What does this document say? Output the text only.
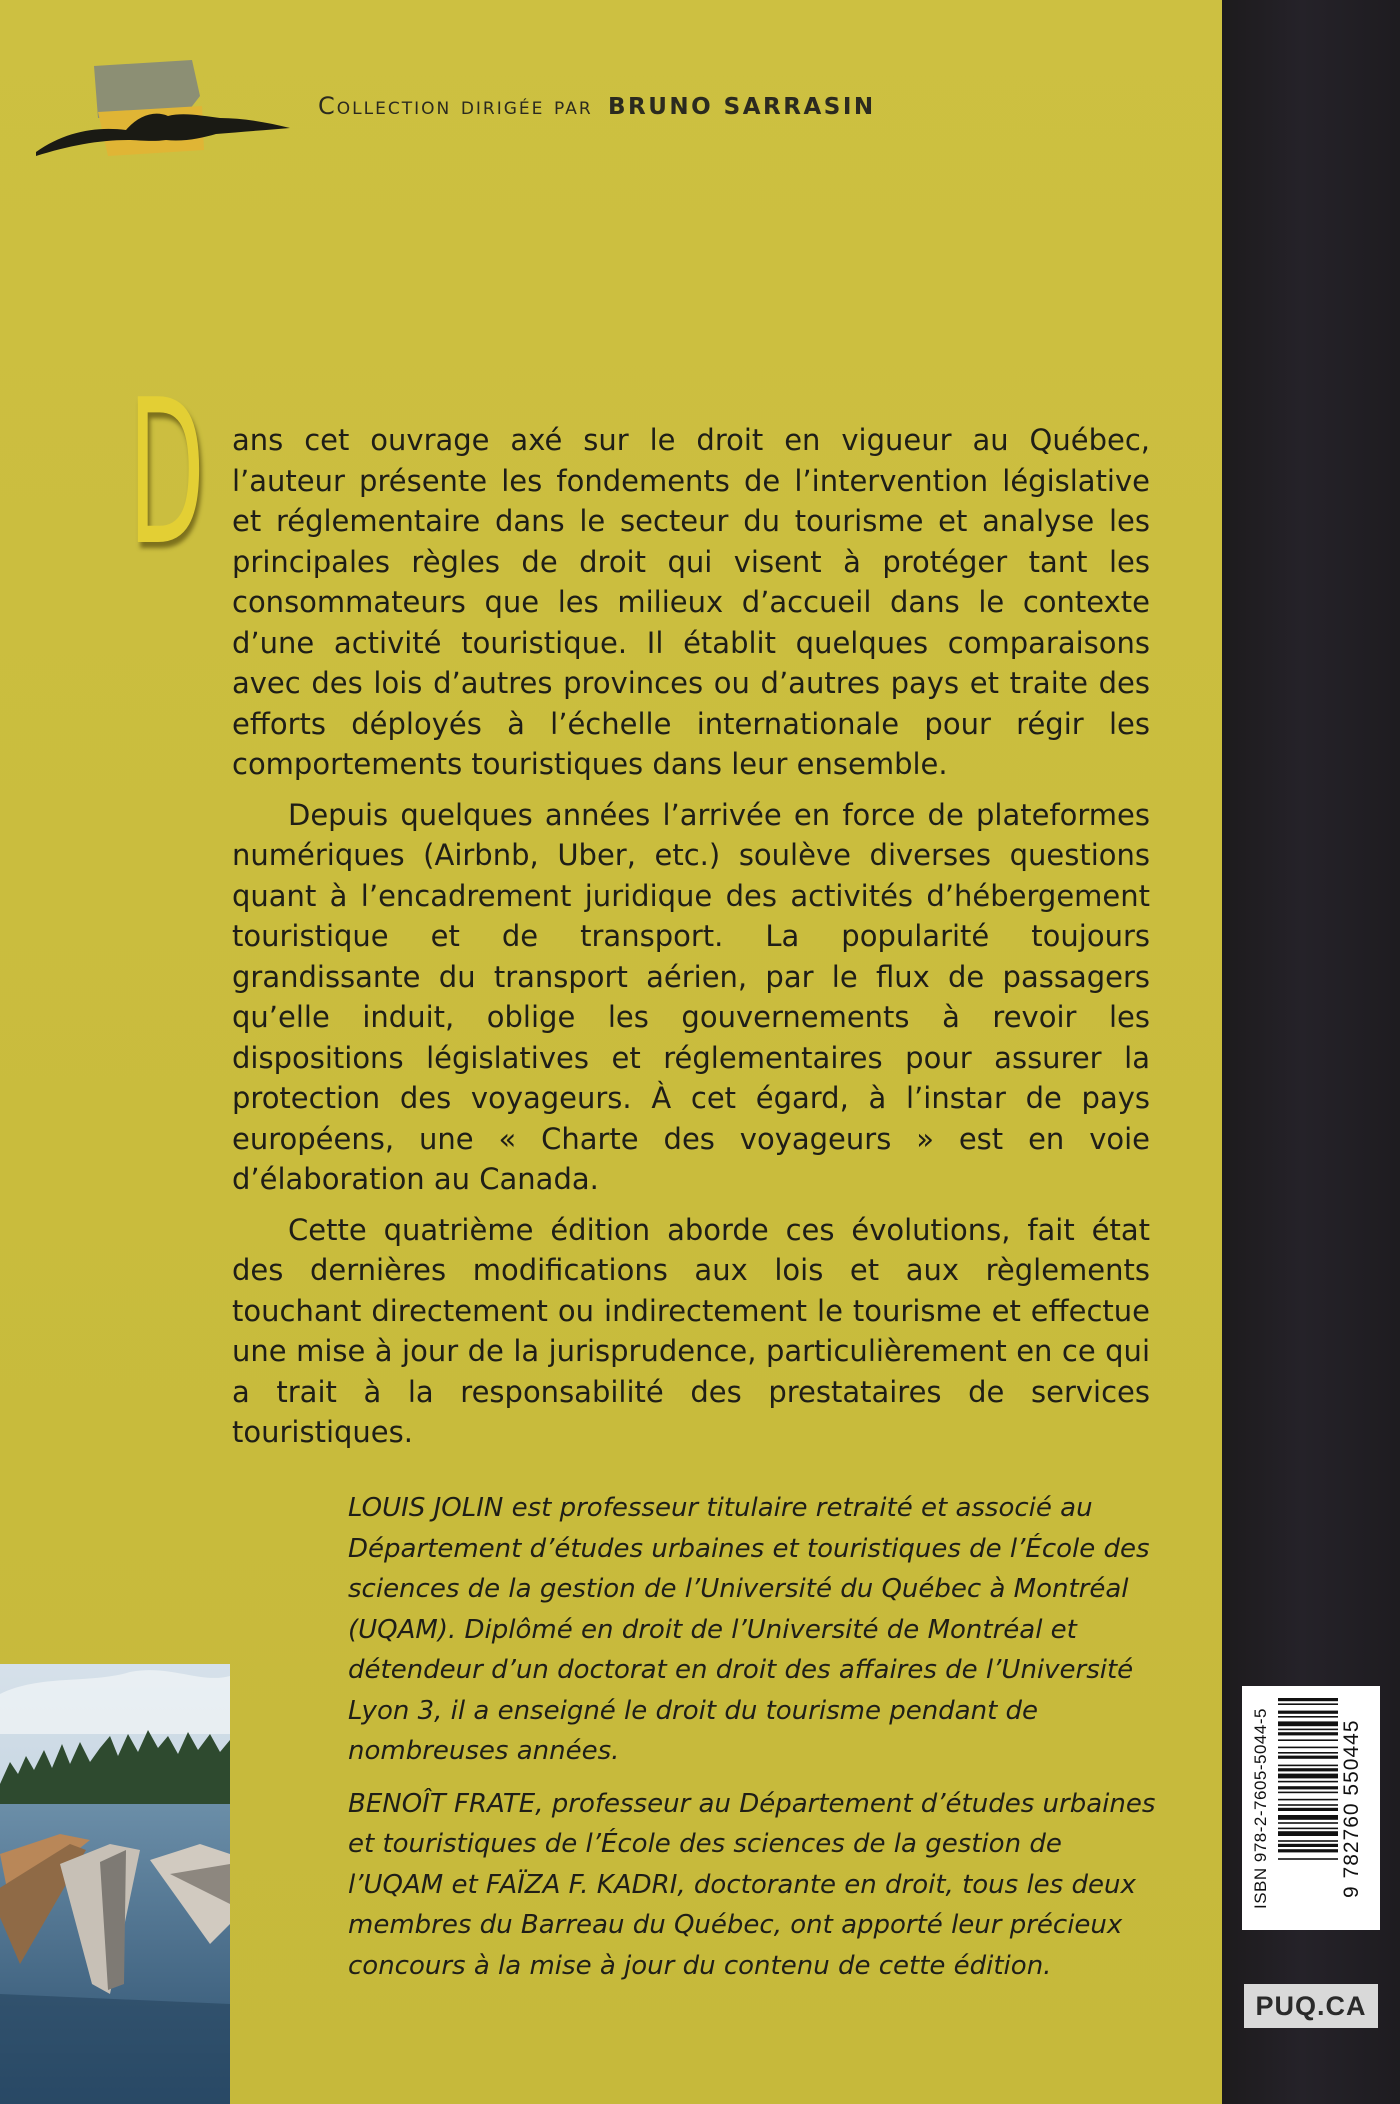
Collection dirigée par BRUNO SARRASIN
D ans cet ouvrage axé sur le droit en vigueur au Québec, l’auteur présente les fondements de l’intervention législative et réglementaire dans le secteur du tourisme et analyse les principales règles de droit qui visent à protéger tant les consommateurs que les milieux d’accueil dans le contexte d’une activité touristique. Il établit quelques comparaisons avec des lois d’autres provinces ou d’autres pays et traite des efforts déployés à l’échelle internationale pour régir les comportements touristiques dans leur ensemble.

Depuis quelques années l’arrivée en force de plateformes numériques (Airbnb, Uber, etc.) soulève diverses questions quant à l’encadrement juridique des activités d’hébergement touristique et de transport. La popularité toujours grandissante du transport aérien, par le flux de passagers qu’elle induit, oblige les gouvernements à revoir les dispositions législatives et réglementaires pour assurer la protection des voyageurs. À cet égard, à l’instar de pays européens, une « Charte des voyageurs » est en voie d’élaboration au Canada.

Cette quatrième édition aborde ces évolutions, fait état des dernières modifications aux lois et aux règlements touchant directement ou indirectement le tourisme et effectue une mise à jour de la jurisprudence, particulièrement en ce qui a trait à la responsabilité des prestataires de services touristiques.

LOUIS JOLIN est professeur titulaire retraité et associé au Département d’études urbaines et touristiques de l’École des sciences de la gestion de l’Université du Québec à Montréal (UQAM). Diplômé en droit de l’Université de Montréal et détendeur d’un doctorat en droit des affaires de l’Université Lyon 3, il a enseigné le droit du tourisme pendant de nombreuses années.

BENOÎT FRATE, professeur au Département d’études urbaines et touristiques de l’École des sciences de la gestion de l’UQAM et FAÏZA F. KADRI, doctorante en droit, tous les deux membres du Barreau du Québec, ont apporté leur précieux concours à la mise à jour du contenu de cette édition.

ISBN 978-2-7605-5044-5	9 782760 550445
PUQ.CA
